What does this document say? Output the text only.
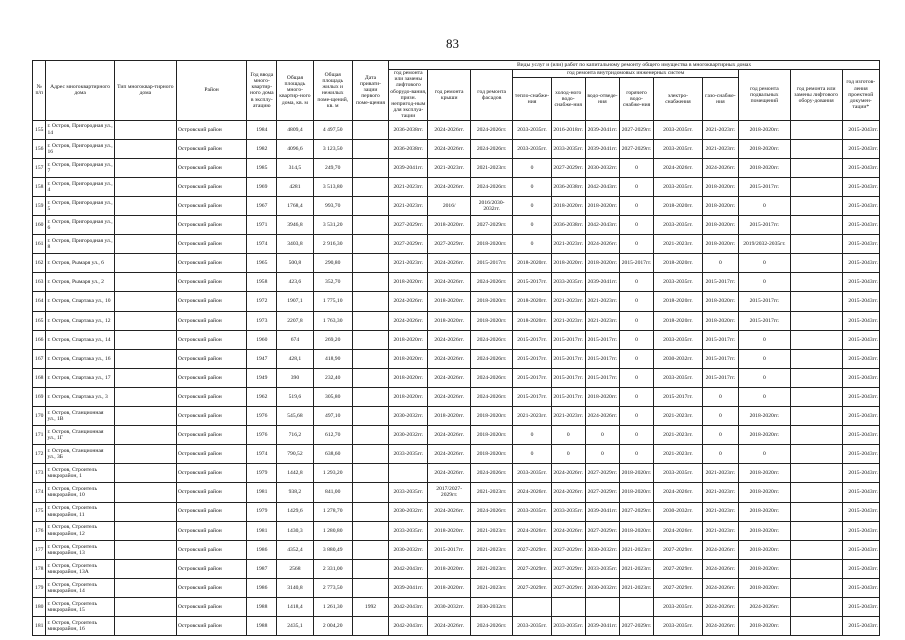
83
№ п/п	Адрес многоквартирного дома	Тип многоквар-тирного дома	Район	Год ввода много-квартир-ного дома в эксплу-атацию	Общая площадь много-квартир-ного дома, кв. м	Общая площадь жилых и нежилых поме-щений, кв. м	Дата привати-зации первого поме-щения	Виды услуг и (или) работ по капитальному ремонту общего имущества в многоквартирных домах											
								год ремонта или замены лифтового оборудо-вания, призн. непригод-ным для эксплуа-тации	год ремонта крыши	год ремонта фасадов	год ремонта внутридомовых инженерных систем						год ремонта подвальных помещений	год ремонта или замены лифтового обору-дования	год изготов-ления проектной докумен-тации*
											тепло-снабже-ния	холод-ного водо-снабже-ния	водо-отведе-ния	горячего водо-снабже-ния	электро-снабжения	газо-снабже-ния			
155	г. Остров, Пригородная ул., 14		Островский район	1984	4809,4	4 497,50		2036-2038гг.	2024-2026гг.	2024-2026гг.	2033-2035гг.	2016-2018гг.	2039-2041гг.	2027-2029гг.	2033-2035гг.	2021-2023гг.	2018-2020гг.		2015-2043гг.
156	г. Остров, Пригородная ул., 16		Островский район	1982	4096,6	3 123,50		2036-2038гг.	2024-2026гг.	2024-2026гг.	2033-2035гг.	2033-2035гг.	2039-2041гг.	2027-2029гг.	2033-2035гг.	2021-2023гг.	2018-2020гг.		2015-2043гг.
157	г. Остров, Пригородная ул., 7		Островский район	1985	314,5	249,70		2039-2041гг.	2021-2023гг.	2021-2023гг.	0	2027-2029гг.	2030-2032гг.	0	2024-2026гг.	2024-2026гг.	2018-2020гг.		2015-2043гг.
158	г. Остров, Пригородная ул., 4		Островский район	1969	4281	3 513,80		2021-2023гг.	2024-2026гг.	2024-2026гг.	0	2036-2038гг.	2042-2043гг.	0	2033-2035гг.	2018-2020гг.	2015-2017гг.		2015-2043гг.
159	г. Остров, Пригородная ул., 5		Островский район	1967	1768,4	993,70		2021-2023гг.	2016/	2016/2030-2032гг.	0	2018-2020гг.	2018-2020гг.	0	2018-2020гг.	2018-2020гг.	0		2015-2043гг.
160	г. Остров, Пригородная ул., 6		Островский район	1971	3946,8	3 531,20		2027-2029гг.	2018-2020гг.	2027-2029гг.	0	2036-2038гг.	2042-2043гг.	0	2033-2035гг.	2018-2020гг.	2015-2017гг.		2015-2043гг.
161	г. Остров, Пригородная ул., 8		Островский район	1974	3403,8	2 916,30		2027-2029гг.	2027-2029гг.	2018-2020гг.	0	2021-2023гг.	2024-2026гг.	0	2021-2023гг.	2018-2020гг.	2019/2032-2035гг.		2015-2043гг.
162	г. Остров, Рымаря ул., 6		Островский район	1965	500,8	290,80		2021-2023гг.	2024-2026гг.	2015-2017гг.	2018-2020гг.	2018-2020гг.	2018-2020гг.	2015-2017гг.	2018-2020гг.	0	0		2015-2043гг.
163	г. Остров, Рымаря ул., 2		Островский район	1958	423,6	352,70		2018-2020гг.	2024-2026гг.	2024-2026гг.	2015-2017гг.	2033-2035гг.	2039-2041гг.	0	2033-2035гг.	2015-2017гг.	0		2015-2043гг.
164	г. Остров, Спартака ул., 10		Островский район	1972	1907,1	1 775,10		2024-2026гг.	2018-2020гг.	2018-2020гг.	2018-2020гг.	2021-2023гг.	2021-2023гг.	0	2018-2020гг.	2018-2020гг.	2015-2017гг.		2015-2043гг.
165	г. Остров, Спартака ул., 12		Островский район	1973	2207,8	1 763,30		2024-2026гг.	2018-2020гг.	2018-2020гг.	2018-2020гг.	2021-2023гг.	2021-2023гг.	0	2018-2020гг.	2018-2020гг.	2015-2017гг.		2015-2043гг.
166	г. Остров, Спартака ул., 14		Островский район	1960	674	269,20		2018-2020гг.	2024-2026гг.	2024-2026гг.	2015-2017гг.	2015-2017гг.	2015-2017гг.	0	2033-2035гг.	2015-2017гг.	0		2015-2043гг.
167	г. Остров, Спартака ул., 16		Островский район	1947	428,1	418,90		2018-2020гг.	2024-2026гг.	2024-2026гг.	2015-2017гг.	2015-2017гг.	2015-2017гг.	0	2030-2032гг.	2015-2017гг.	0		2015-2043гг.
168	г. Остров, Спартака ул., 17		Островский район	1949	390	232,40		2018-2020гг.	2024-2026гг.	2024-2026гг.	2015-2017гг.	2015-2017гг.	2015-2017гг.	0	2033-2035гг.	2015-2017гг.	0		2015-2043гг.
169	г. Остров, Спартака ул., 3		Островский район	1962	519,6	305,80		2018-2020гг.	2024-2026гг.	2024-2026гг.	2015-2017гг.	2015-2017гг.	2018-2020гг.	0	2015-2017гг.	0	0		2015-2043гг.
170	г. Остров, Станционная ул., 1В		Островский район	1976	545,68	497,10		2030-2032гг.	2018-2020гг.	2018-2020гг.	2021-2023гг.	2021-2023гг.	2024-2026гг.	0	2021-2023гг.	0	2018-2020гг.		2015-2043гг.
171	г. Остров, Станционная ул., 1Г		Островский район	1976	716,2	612,70		2030-2032гг.	2024-2026гг.	2018-2020гг.	0	0	0	0	2021-2023гг.	0	2018-2020гг.		2015-2043гг.
172	г. Остров, Станционная ул., 3Б		Островский район	1974	790,52	638,60		2033-2035гг.	2024-2026гг.	2018-2020гг.	0	0	0	0	2021-2023гг.	0	0		2015-2043гг.
173	г. Остров, Строитель микрорайон, 1		Островский район	1979	1442,8	1 293,20			2024-2026гг.	2024-2026гг.	2033-2035гг.	2024-2026гг.	2027-2029гг.	2018-2020гг.	2033-2035гг.	2021-2023гг.	2018-2020гг.		2015-2043гг.
174	г. Остров, Строитель микрорайон, 10		Островский район	1981	938,2	841,00		2033-2035гг.	2017/2027-2029гг.	2021-2023гг.	2024-2026гг.	2024-2026гг.	2027-2029гг.	2018-2020гг.	2024-2026гг.	2021-2023гг.	2018-2020гг.		2015-2043гг.
175	г. Остров, Строитель микрорайон, 11		Островский район	1979	1429,6	1 278,70		2030-2032гг.	2024-2026гг.	2024-2026гг.	2033-2035гг.	2033-2035гг.	2039-2041гг.	2027-2029гг.	2030-2032гг.	2021-2023гг.	2018-2020гг.		2015-2043гг.
176	г. Остров, Строитель микрорайон, 12		Островский район	1981	1430,3	1 280,80		2033-2035гг.	2018-2020гг.	2021-2023гг.	2024-2026гг.	2024-2026гг.	2027-2029гг.	2018-2020гг.	2024-2026гг.	2021-2023гг.	2018-2020гг.		2015-2043гг.
177	г. Остров, Строитель микрорайон, 13		Островский район	1986	4352,4	3 880,49		2030-2032гг.	2015-2017гг.	2021-2023гг.	2027-2029гг.	2027-2029гг.	2030-2032гг.	2021-2023гг.	2027-2029гг.	2024-2026гг.	2018-2020гг.		2015-2043гг.
178	г. Остров, Строитель микрорайон, 13А		Островский район	1987	2568	2 331,00		2042-2043гг.	2018-2020гг.	2021-2023гг.	2027-2029гг.	2027-2029гг.	2033-2035гг.	2021-2023гг.	2027-2029гг.	2024-2026гг.	2018-2020гг.		2015-2043гг.
179	г. Остров, Строитель микрорайон, 14		Островский район	1986	3140,8	2 773,50		2039-2041гг.	2018-2020гг.	2021-2023гг.	2027-2029гг.	2027-2029гг.	2030-2032гг.	2021-2023гг.	2027-2029гг.	2024-2026гг.	2018-2020гг.		2015-2043гг.
180	г. Остров, Строитель микрорайон, 15		Островский район	1988	1418,4	1 261,30	1992	2042-2043гг.	2030-2032гг.	2030-2032гг.					2033-2035гг.	2024-2026гг.	2024-2026гг.		2015-2043гг.
181	г. Остров, Строитель микрорайон, 16		Островский район	1988	2435,1	2 004,20		2042-2043гг.	2024-2026гг.	2024-2026гг.	2033-2035гг.	2033-2035гг.	2039-2041гг.	2027-2029гг.	2033-2035гг.	2024-2026гг.	2018-2020гг.		2015-2043гг.
